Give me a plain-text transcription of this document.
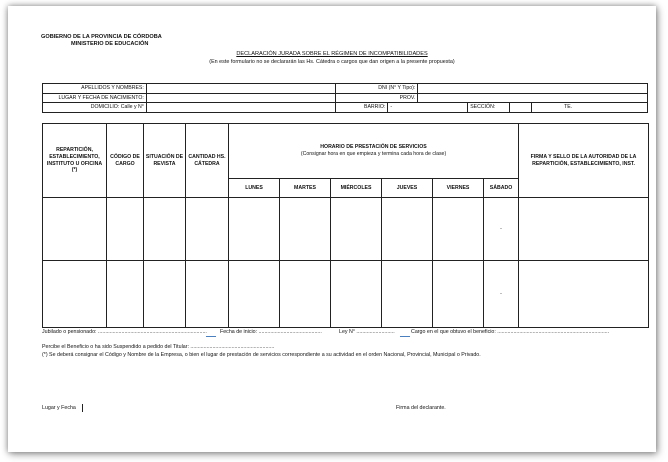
GOBIERNO DE LA PROVINCIA DE CÓRDOBA
MINISTERIO DE EDUCACIÓN
DECLARACIÓN JURADA SOBRE EL RÉGIMEN DE INCOMPATIBILIDADES
(En este formulario no se declararán las Hs. Cátedra o cargos que dan origen a la presente propuesta)
APELLIDOS Y NOMBRES:		DNI (N° Y Tipo):					
LUGAR Y FECHA DE NACIMIENTO:		PROV.					
DOMICILIO: Calle y N°		BARRIO:	-		SECCIÓN:		TE.
REPARTICIÓN, ESTABLECIMIENTO, INSTITUTO U OFICINA (*)	CÓDIGO DE CARGO	SITUACIÓN DE REVISTA	CANTIDAD HS. CÁTEDRA	HORARIO DE PRESTACIÓN DE SERVICIOS
(Consignar hora en que empieza y termina cada hora de clase)						FIRMA Y SELLO DE LA AUTORIDAD DE LA REPARTICIÓN, ESTABLECIMIENTO, INST.
				LUNES	MARTES	MIÉRCOLES	JUEVES	VIERNES	SÁBADO	
									-	
									-	
Jubilado o pensionado: .......................................................................... Fecha de inicio: ...........................................	Ley N° ..........................	Cargo en el que obtuvo el beneficio: ............................................................................
Percibe el Beneficio o ha sido Suspendido a pedido del Titular: .........................................................
(*) Se deberá consignar el Código y Nombre de la Empresa, o bien el lugar de prestación de servicios correspondiente a su actividad en el orden Nacional, Provincial, Municipal o Privado.
Lugar y Fecha	Firma del declarante.
